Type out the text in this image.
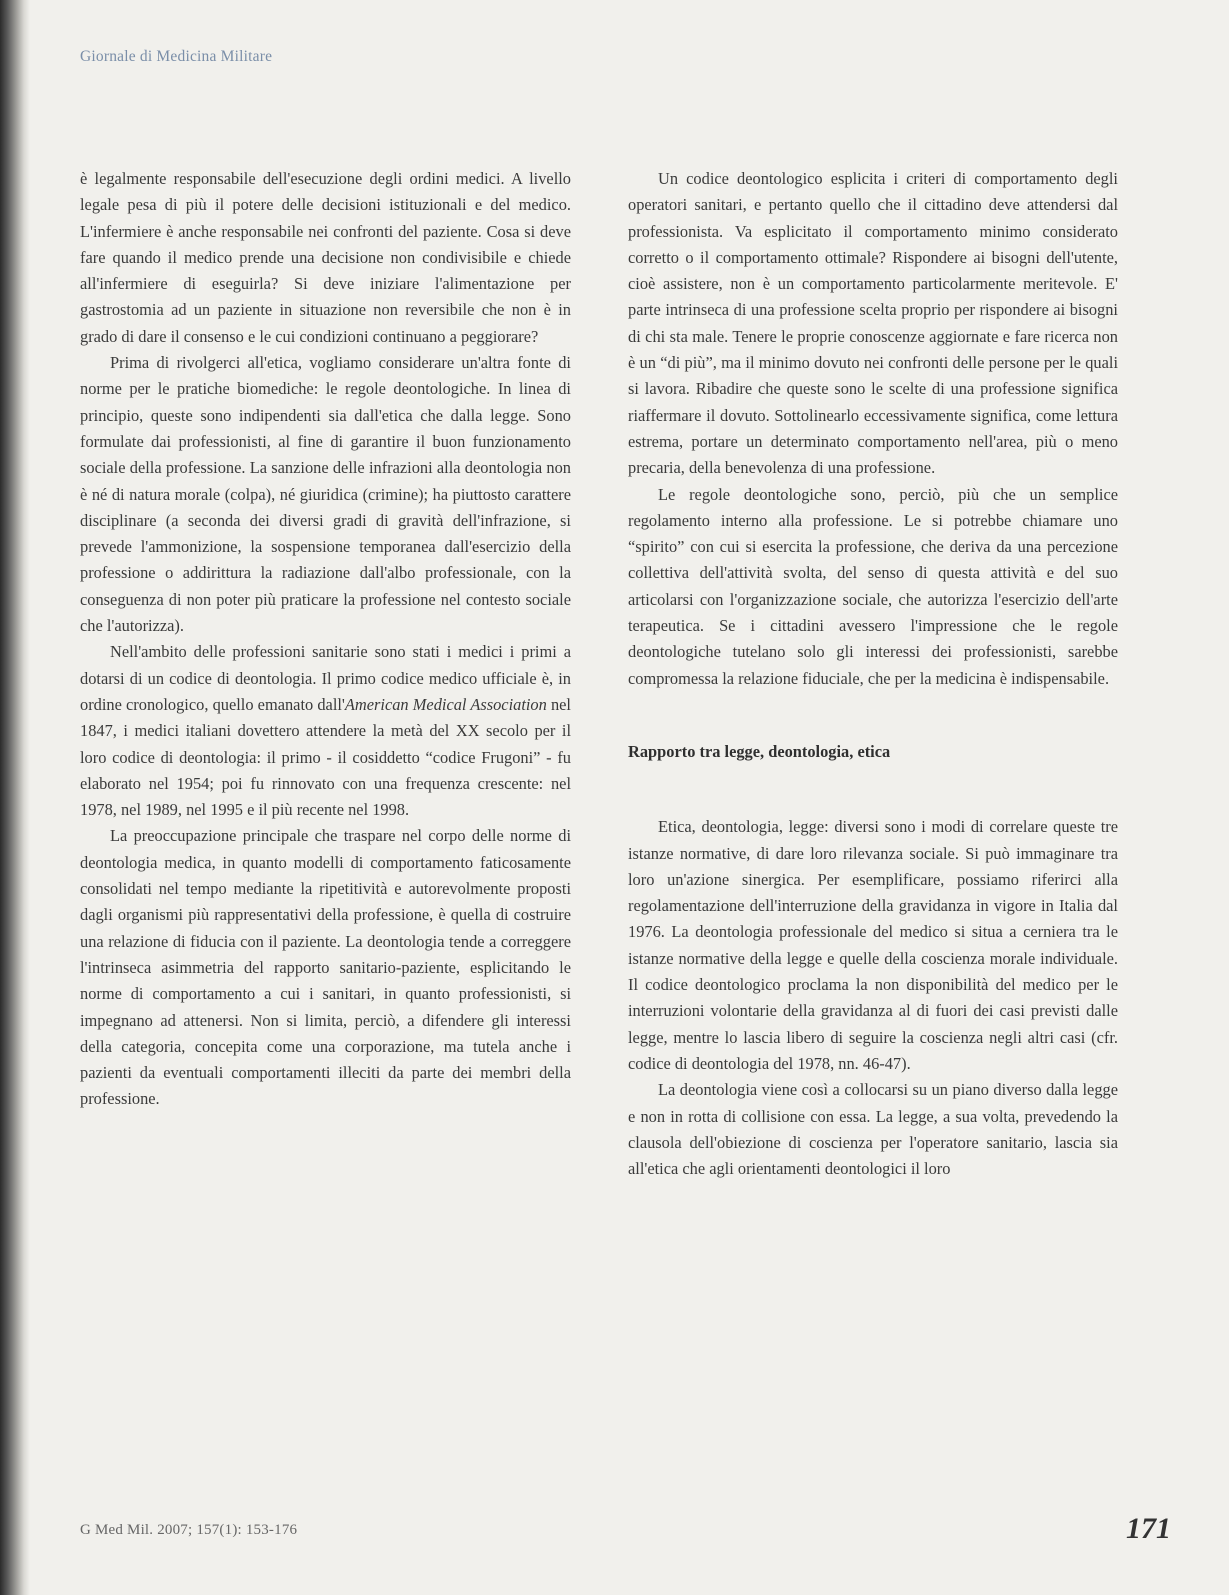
Giornale di Medicina Militare

è legalmente responsabile dell'esecuzione degli ordini medici. A livello legale pesa di più il potere delle decisioni istituzionali e del medico. L'infermiere è anche responsabile nei confronti del paziente. Cosa si deve fare quando il medico prende una decisione non condivisibile e chiede all'infermiere di eseguirla? Si deve iniziare l'alimentazione per gastrostomia ad un paziente in situazione non reversibile che non è in grado di dare il consenso e le cui condizioni continuano a peggiorare?

Prima di rivolgerci all'etica, vogliamo considerare un'altra fonte di norme per le pratiche biomediche: le regole deontologiche. In linea di principio, queste sono indipendenti sia dall'etica che dalla legge. Sono formulate dai professionisti, al fine di garantire il buon funzionamento sociale della professione. La sanzione delle infrazioni alla deontologia non è né di natura morale (colpa), né giuridica (crimine); ha piuttosto carattere disciplinare (a seconda dei diversi gradi di gravità dell'infrazione, si prevede l'ammonizione, la sospensione temporanea dall'esercizio della professione o addirittura la radiazione dall'albo professionale, con la conseguenza di non poter più praticare la professione nel contesto sociale che l'autorizza).

Nell'ambito delle professioni sanitarie sono stati i medici i primi a dotarsi di un codice di deontologia. Il primo codice medico ufficiale è, in ordine cronologico, quello emanato dall'American Medical Association nel 1847, i medici italiani dovettero attendere la metà del XX secolo per il loro codice di deontologia: il primo - il cosiddetto “codice Frugoni” - fu elaborato nel 1954; poi fu rinnovato con una frequenza crescente: nel 1978, nel 1989, nel 1995 e il più recente nel 1998.

La preoccupazione principale che traspare nel corpo delle norme di deontologia medica, in quanto modelli di comportamento faticosamente consolidati nel tempo mediante la ripetitività e autorevolmente proposti dagli organismi più rappresentativi della professione, è quella di costruire una relazione di fiducia con il paziente. La deontologia tende a correggere l'intrinseca asimmetria del rapporto sanitario-paziente, esplicitando le norme di comportamento a cui i sanitari, in quanto professionisti, si impegnano ad attenersi. Non si limita, perciò, a difendere gli interessi della categoria, concepita come una corporazione, ma tutela anche i pazienti da eventuali comportamenti illeciti da parte dei membri della professione.

Un codice deontologico esplicita i criteri di comportamento degli operatori sanitari, e pertanto quello che il cittadino deve attendersi dal professionista. Va esplicitato il comportamento minimo considerato corretto o il comportamento ottimale? Rispondere ai bisogni dell'utente, cioè assistere, non è un comportamento particolarmente meritevole. E' parte intrinseca di una professione scelta proprio per rispondere ai bisogni di chi sta male. Tenere le proprie conoscenze aggiornate e fare ricerca non è un “di più”, ma il minimo dovuto nei confronti delle persone per le quali si lavora. Ribadire che queste sono le scelte di una professione significa riaffermare il dovuto. Sottolinearlo eccessivamente significa, come lettura estrema, portare un determinato comportamento nell'area, più o meno precaria, della benevolenza di una professione.

Le regole deontologiche sono, perciò, più che un semplice regolamento interno alla professione. Le si potrebbe chiamare uno “spirito” con cui si esercita la professione, che deriva da una percezione collettiva dell'attività svolta, del senso di questa attività e del suo articolarsi con l'organizzazione sociale, che autorizza l'esercizio dell'arte terapeutica. Se i cittadini avessero l'impressione che le regole deontologiche tutelano solo gli interessi dei professionisti, sarebbe compromessa la relazione fiduciale, che per la medicina è indispensabile.

Rapporto tra legge, deontologia, etica

Etica, deontologia, legge: diversi sono i modi di correlare queste tre istanze normative, di dare loro rilevanza sociale. Si può immaginare tra loro un'azione sinergica. Per esemplificare, possiamo riferirci alla regolamentazione dell'interruzione della gravidanza in vigore in Italia dal 1976. La deontologia professionale del medico si situa a cerniera tra le istanze normative della legge e quelle della coscienza morale individuale. Il codice deontologico proclama la non disponibilità del medico per le interruzioni volontarie della gravidanza al di fuori dei casi previsti dalle legge, mentre lo lascia libero di seguire la coscienza negli altri casi (cfr. codice di deontologia del 1978, nn. 46-47).

La deontologia viene così a collocarsi su un piano diverso dalla legge e non in rotta di collisione con essa. La legge, a sua volta, prevedendo la clausola dell'obiezione di coscienza per l'operatore sanitario, lascia sia all'etica che agli orientamenti deontologici il loro

G Med Mil. 2007; 157(1): 153-176	171
